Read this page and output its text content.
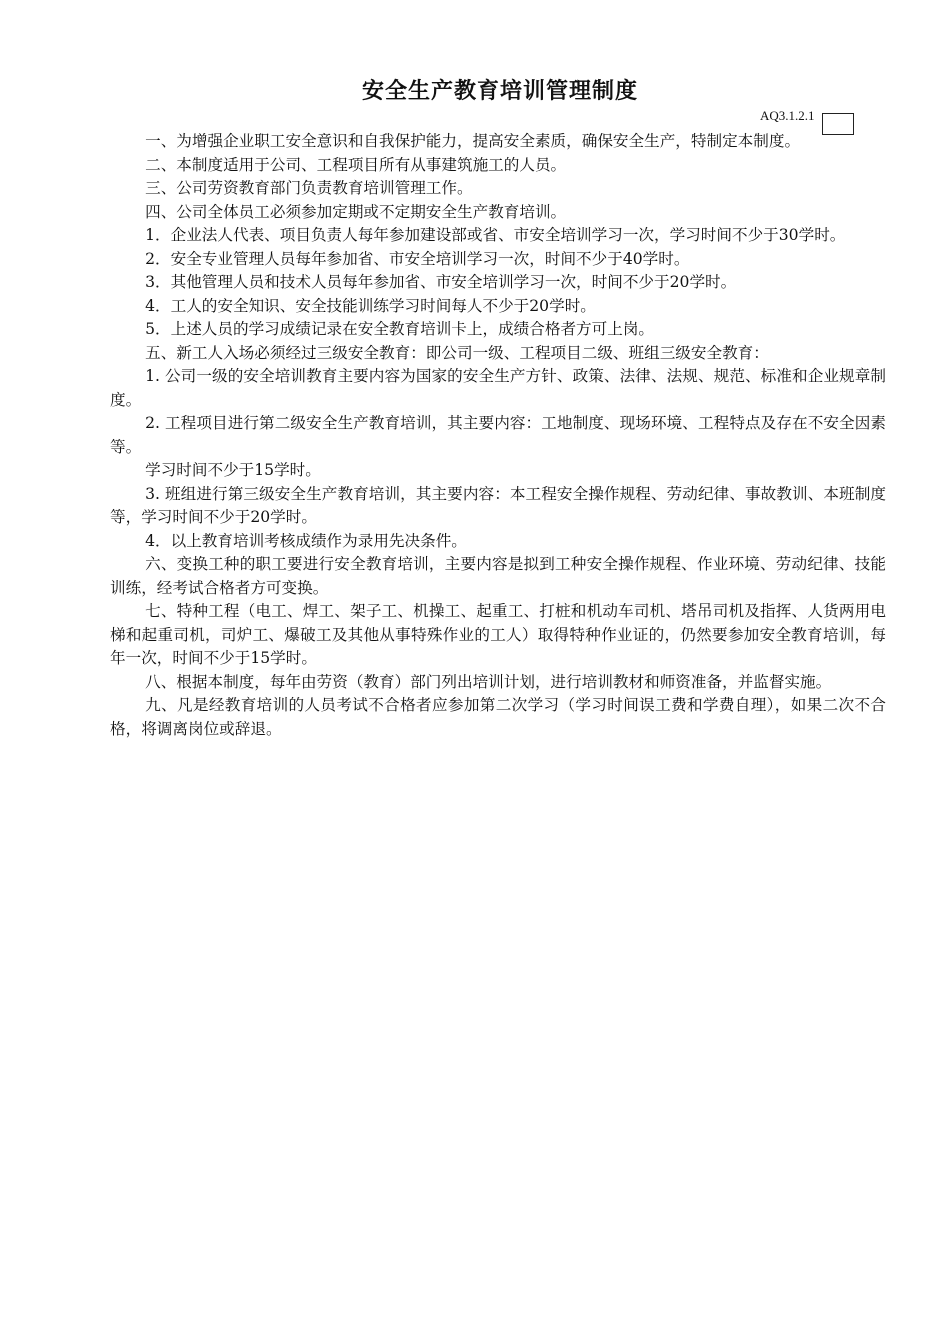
安全生产教育培训管理制度
AQ3.1.2.1

一、为增强企业职工安全意识和自我保护能力，提高安全素质，确保安全生产，特制定本制度。

二、本制度适用于公司、工程项目所有从事建筑施工的人员。

三、公司劳资教育部门负责教育培训管理工作。

四、公司全体员工必须参加定期或不定期安全生产教育培训。

1．企业法人代表、项目负责人每年参加建设部或省、市安全培训学习一次，学习时间不少于30学时。

2．安全专业管理人员每年参加省、市安全培训学习一次，时间不少于40学时。

3．其他管理人员和技术人员每年参加省、市安全培训学习一次，时间不少于20学时。

4．工人的安全知识、安全技能训练学习时间每人不少于20学时。

5．上述人员的学习成绩记录在安全教育培训卡上，成绩合格者方可上岗。

五、新工人入场必须经过三级安全教育：即公司一级、工程项目二级、班组三级安全教育：

1. 公司一级的安全培训教育主要内容为国家的安全生产方针、政策、法律、法规、规范、标准和企业规章制度。

2. 工程项目进行第二级安全生产教育培训，其主要内容：工地制度、现场环境、工程特点及存在不安全因素等。

学习时间不少于15学时。

3. 班组进行第三级安全生产教育培训，其主要内容：本工程安全操作规程、劳动纪律、事故教训、本班制度等，学习时间不少于20学时。

4．以上教育培训考核成绩作为录用先决条件。

六、变换工种的职工要进行安全教育培训，主要内容是拟到工种安全操作规程、作业环境、劳动纪律、技能训练，经考试合格者方可变换。

七、特种工程（电工、焊工、架子工、机操工、起重工、打桩和机动车司机、塔吊司机及指挥、人货两用电梯和起重司机，司炉工、爆破工及其他从事特殊作业的工人）取得特种作业证的，仍然要参加安全教育培训，每年一次，时间不少于15学时。

八、根据本制度，每年由劳资（教育）部门列出培训计划，进行培训教材和师资准备，并监督实施。

九、凡是经教育培训的人员考试不合格者应参加第二次学习（学习时间误工费和学费自理），如果二次不合格，将调离岗位或辞退。
